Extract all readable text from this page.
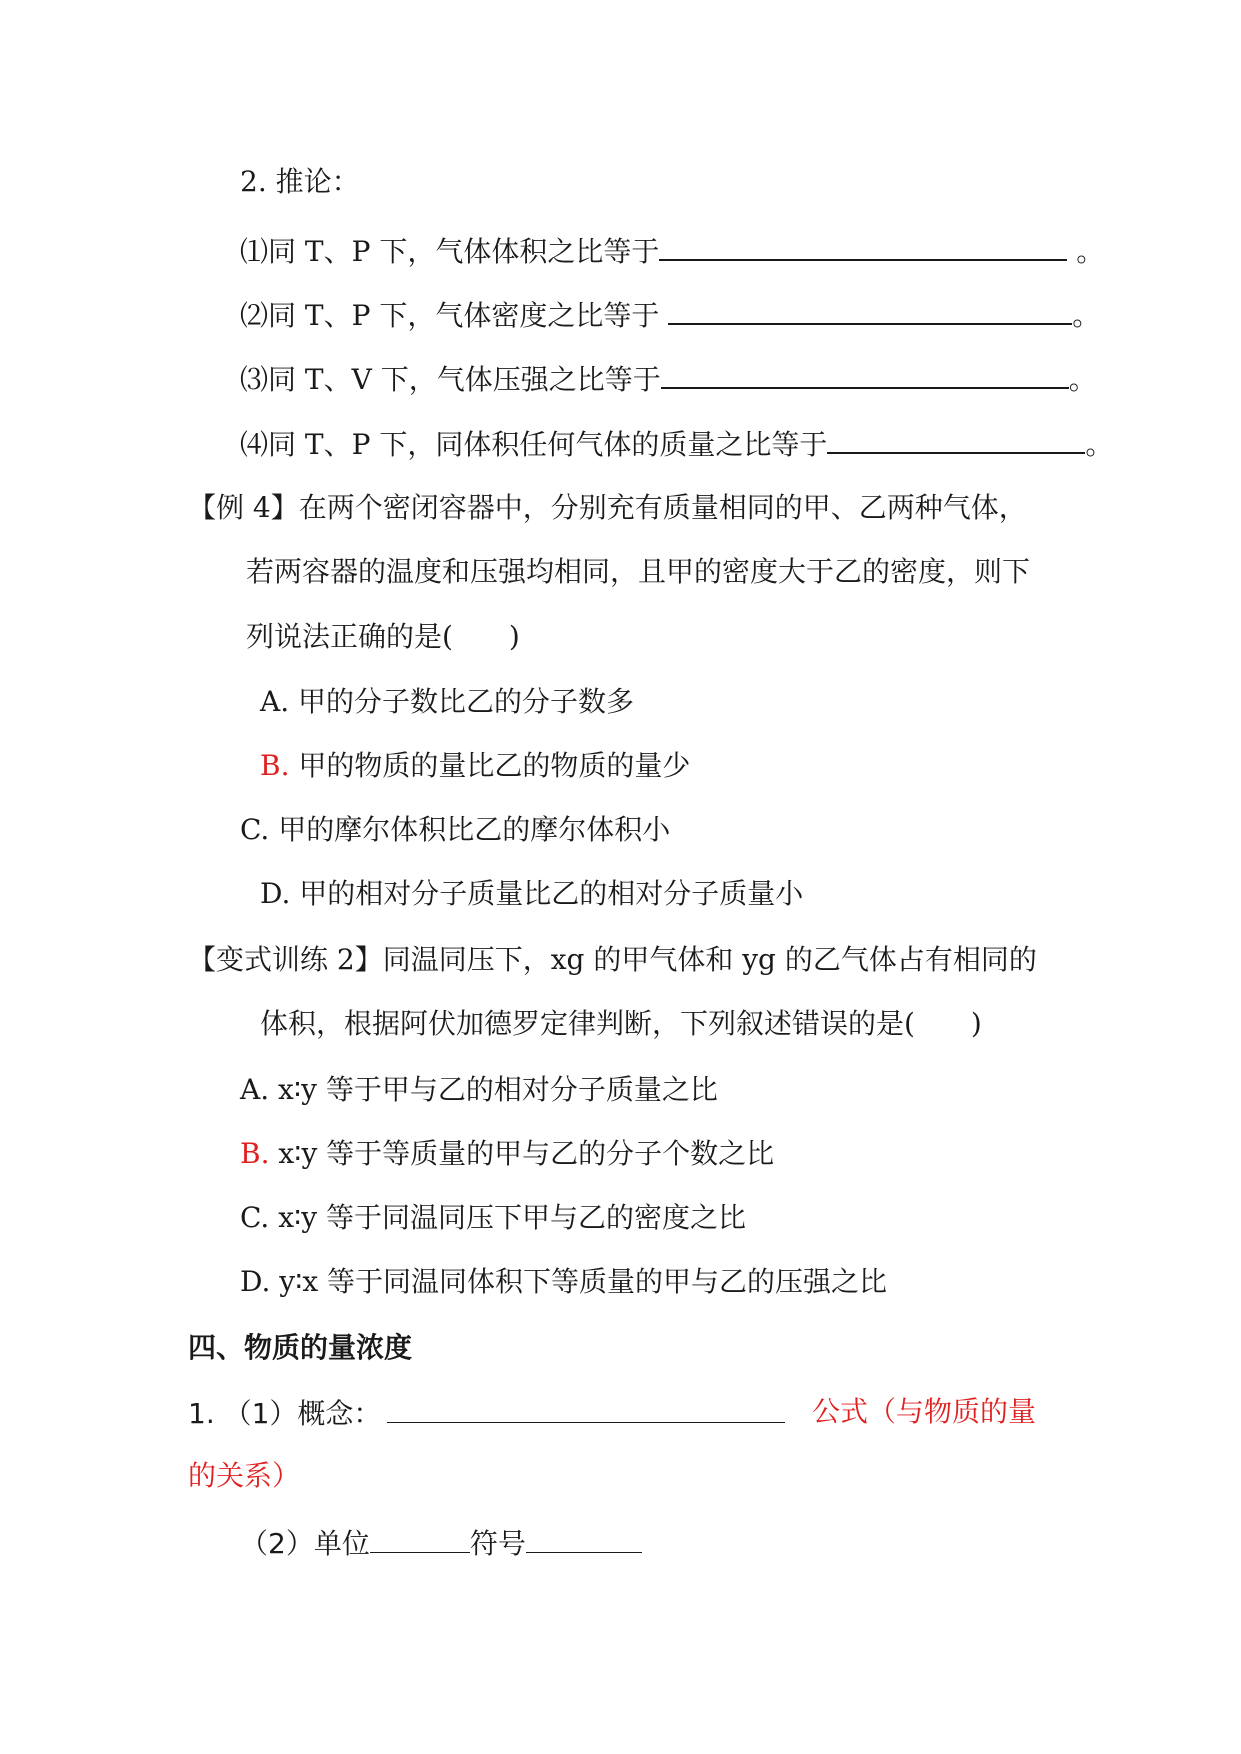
2. 推论：
⑴同 T、P 下，气体体积之比等于	。
⑵同 T、P 下，气体密度之比等于	。
⑶同 T、V 下，气体压强之比等于	。
⑷同 T、P 下，同体积任何气体的质量之比等于	。
【例 4】在两个密闭容器中，分别充有质量相同的甲、乙两种气体，
若两容器的温度和压强均相同，且甲的密度大于乙的密度，则下
列说法正确的是(　　)
A. 甲的分子数比乙的分子数多
B. 甲的物质的量比乙的物质的量少
C. 甲的摩尔体积比乙的摩尔体积小
D. 甲的相对分子质量比乙的相对分子质量小
【变式训练 2】同温同压下，xg 的甲气体和 yg 的乙气体占有相同的
体积，根据阿伏加德罗定律判断，下列叙述错误的是(　　)
A. x∶y 等于甲与乙的相对分子质量之比
B. x∶y 等于等质量的甲与乙的分子个数之比
C. x∶y 等于同温同压下甲与乙的密度之比
D. y∶x 等于同温同体积下等质量的甲与乙的压强之比
四、物质的量浓度
1. （1）概念：	公式（与物质的量
的关系）
（2）单位	符号
